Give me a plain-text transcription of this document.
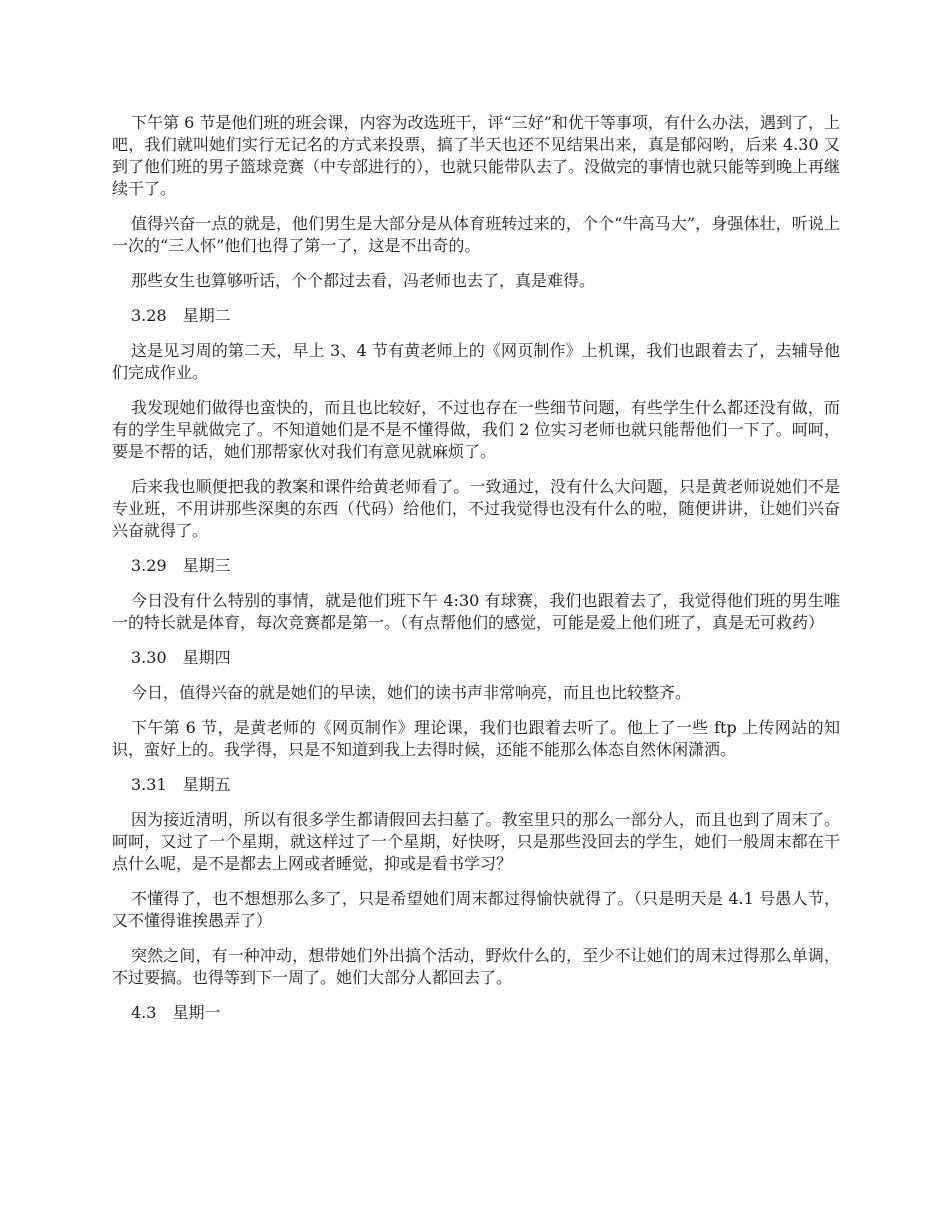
下午第 6 节是他们班的班会课，内容为改选班干，评“三好”和优干等事项，有什么办法，遇到了，上吧，我们就叫她们实行无记名的方式来投票，搞了半天也还不见结果出来，真是郁闷哟，后来 4.30 又到了他们班的男子篮球竞赛（中专部进行的），也就只能带队去了。没做完的事情也就只能等到晚上再继续干了。

值得兴奋一点的就是，他们男生是大部分是从体育班转过来的，个个“牛高马大”，身强体壮，听说上一次的“三人怀”他们也得了第一了，这是不出奇的。

那些女生也算够听话，个个都过去看，冯老师也去了，真是难得。

3.28　星期二

这是见习周的第二天，早上 3、4 节有黄老师上的《网页制作》上机课，我们也跟着去了，去辅导他们完成作业。

我发现她们做得也蛮快的，而且也比较好，不过也存在一些细节问题，有些学生什么都还没有做，而有的学生早就做完了。不知道她们是不是不懂得做，我们 2 位实习老师也就只能帮他们一下了。呵呵，要是不帮的话，她们那帮家伙对我们有意见就麻烦了。

后来我也顺便把我的教案和课件给黄老师看了。一致通过，没有什么大问题，只是黄老师说她们不是专业班，不用讲那些深奥的东西（代码）给他们，不过我觉得也没有什么的啦，随便讲讲，让她们兴奋兴奋就得了。

3.29　星期三

今日没有什么特别的事情，就是他们班下午 4:30 有球赛，我们也跟着去了，我觉得他们班的男生唯一的特长就是体育，每次竞赛都是第一。（有点帮他们的感觉，可能是爱上他们班了，真是无可救药）

3.30　星期四

今日，值得兴奋的就是她们的早读，她们的读书声非常响亮，而且也比较整齐。

下午第 6 节，是黄老师的《网页制作》理论课，我们也跟着去听了。他上了一些 ftp 上传网站的知识，蛮好上的。我学得，只是不知道到我上去得时候，还能不能那么体态自然休闲潇洒。

3.31　星期五

因为接近清明，所以有很多学生都请假回去扫墓了。教室里只的那么一部分人，而且也到了周末了。呵呵，又过了一个星期，就这样过了一个星期，好快呀，只是那些没回去的学生，她们一般周末都在干点什么呢，是不是都去上网或者睡觉，抑或是看书学习？

不懂得了，也不想想那么多了，只是希望她们周末都过得愉快就得了。（只是明天是 4.1 号愚人节，又不懂得谁挨愚弄了）

突然之间，有一种冲动，想带她们外出搞个活动，野炊什么的，至少不让她们的周末过得那么单调，不过要搞。也得等到下一周了。她们大部分人都回去了。

4.3　星期一
